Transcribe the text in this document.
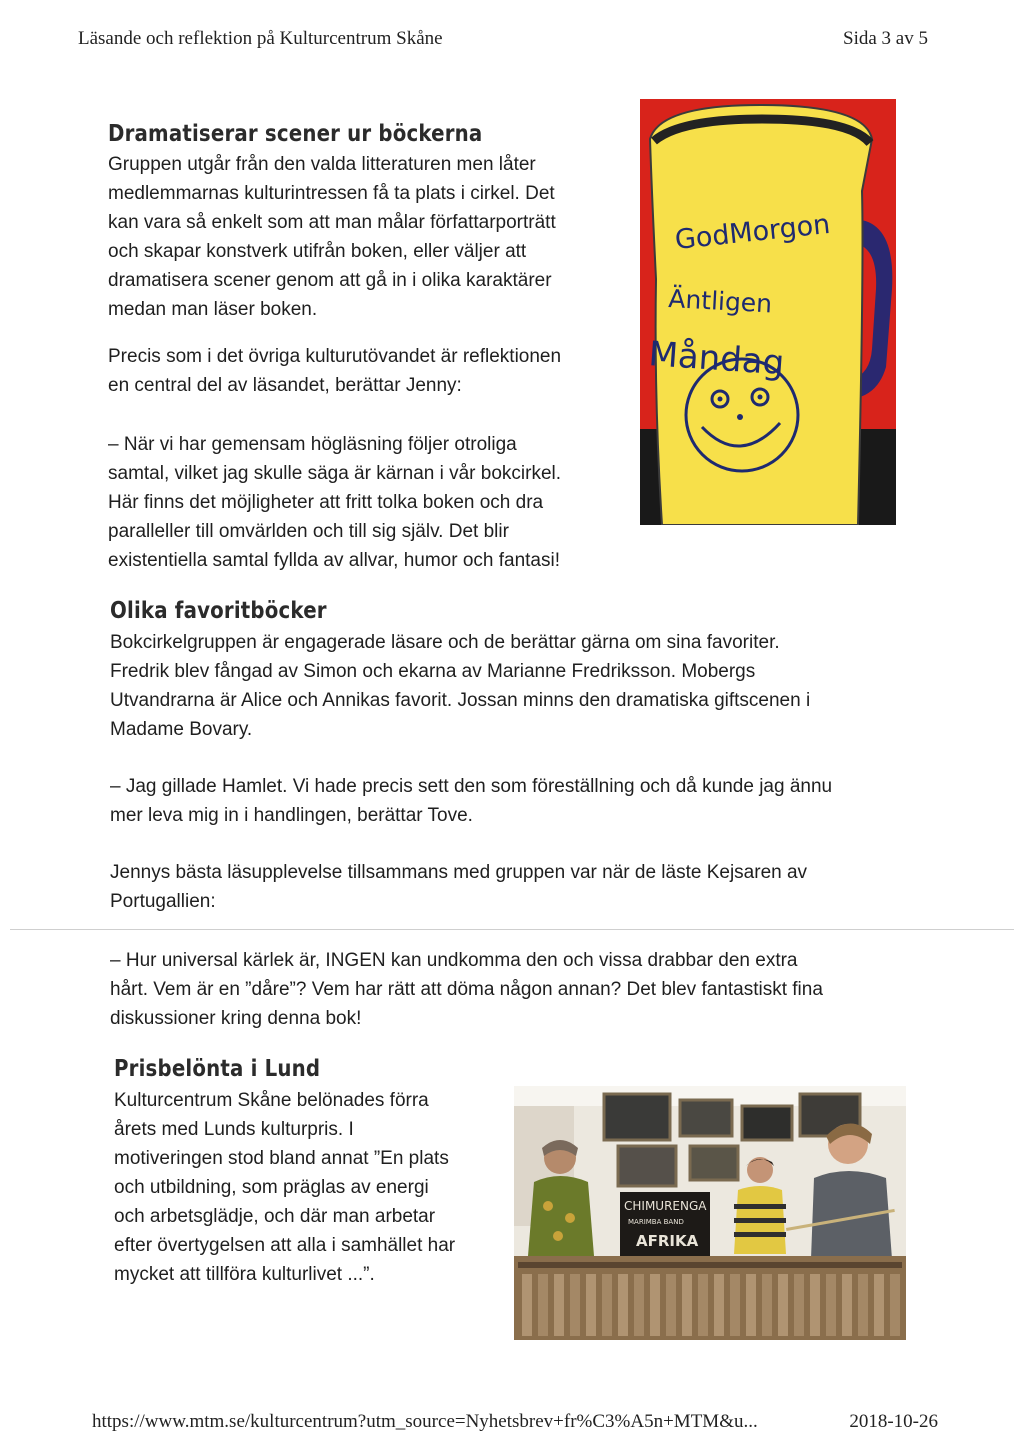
Läsande och reflektion på Kulturcentrum Skåne	Sida 3 av 5
Dramatiserar scener ur böckerna

Gruppen utgår från den valda litteraturen men låter
medlemmarnas kulturintressen få ta plats i cirkel. Det
kan vara så enkelt som att man målar författarporträtt
och skapar konstverk utifrån boken, eller väljer att
dramatisera scener genom att gå in i olika karaktärer
medan man läser boken.

Precis som i det övriga kulturutövandet är reflektionen
en central del av läsandet, berättar Jenny:

– När vi har gemensam högläsning följer otroliga
samtal, vilket jag skulle säga är kärnan i vår bokcirkel.
Här finns det möjligheter att fritt tolka boken och dra
paralleller till omvärlden och till sig själv. Det blir
existentiella samtal fyllda av allvar, humor och fantasi!

GodMorgon
Äntligen
Måndag
Olika favoritböcker

Bokcirkelgruppen är engagerade läsare och de berättar gärna om sina favoriter.
Fredrik blev fångad av Simon och ekarna av Marianne Fredriksson. Mobergs
Utvandrarna är Alice och Annikas favorit. Jossan minns den dramatiska giftscenen i
Madame Bovary.

– Jag gillade Hamlet. Vi hade precis sett den som föreställning och då kunde jag ännu
mer leva mig in i handlingen, berättar Tove.

Jennys bästa läsupplevelse tillsammans med gruppen var när de läste Kejsaren av
Portugallien:

– Hur universal kärlek är, INGEN kan undkomma den och vissa drabbar den extra
hårt. Vem är en ”dåre”? Vem har rätt att döma någon annan? Det blev fantastiskt fina
diskussioner kring denna bok!

Prisbelönta i Lund

Kulturcentrum Skåne belönades förra
årets med Lunds kulturpris. I
motiveringen stod bland annat ”En plats
och utbildning, som präglas av energi
och arbetsglädje, och där man arbetar
efter övertygelsen att alla i samhället har
mycket att tillföra kulturlivet ...”.

CHIMURENGA
MARIMBA BAND
AFRIKA
https://www.mtm.se/kulturcentrum?utm_source=Nyhetsbrev+fr%C3%A5n+MTM&u...	2018-10-26
